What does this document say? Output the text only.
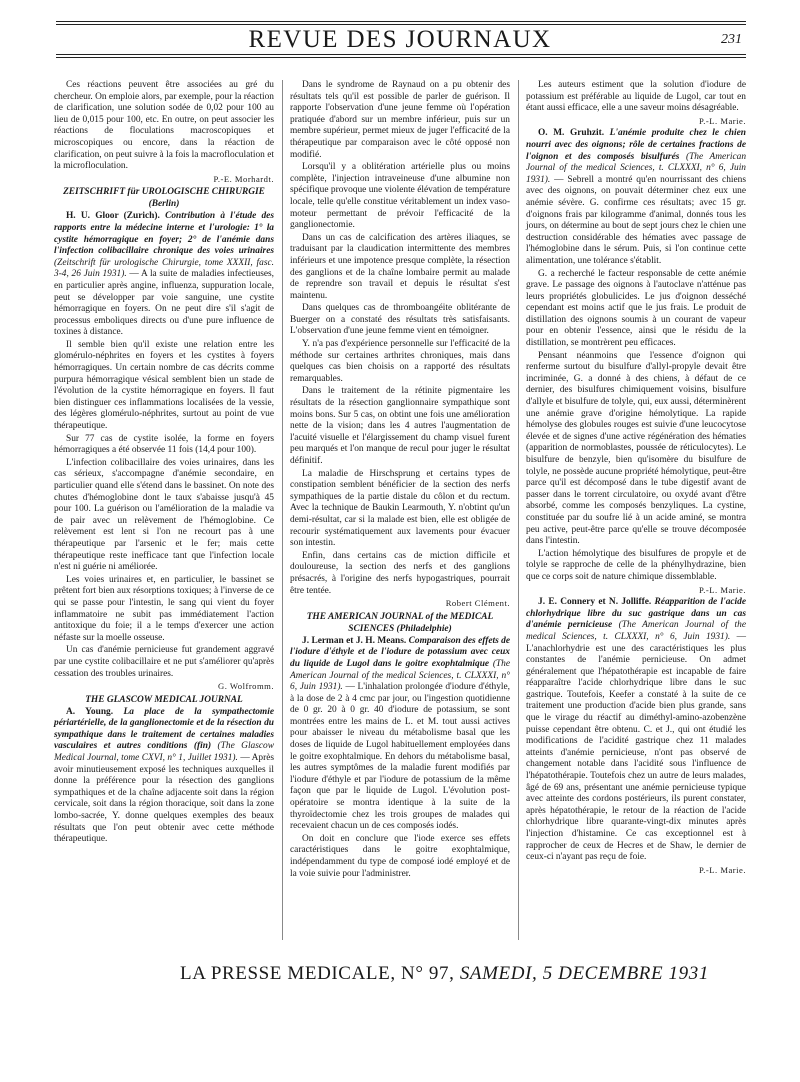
REVUE DES JOURNAUX	231

Ces réactions peuvent être associées au gré du chercheur. On emploie alors, par exemple, pour la réaction de clarification, une solution sodée de 0,02 pour 100 au lieu de 0,015 pour 100, etc. En outre, on peut associer les réactions de floculations macroscopiques et microscopiques ou encore, dans la réaction de clarification, on peut suivre à la fois la macrofloculation et la microfloculation.

P.-E. Morhardt.

ZEITSCHRIFT für UROLOGISCHE CHIRURGIE (Berlin)

H. U. Gloor (Zurich). Contribution à l'étude des rapports entre la médecine interne et l'urologie: 1° la cystite hémorragique en foyer; 2° de l'anémie dans l'infection colibacillaire chronique des voies urinaires (Zeitschrift für urologische Chirurgie, tome XXXII, fasc. 3-4, 26 Juin 1931). — A la suite de maladies infectieuses, en particulier après angine, influenza, suppuration locale, peut se développer par voie sanguine, une cystite hémorragique en foyers. On ne peut dire s'il s'agit de processus emboliques directs ou d'une pure influence de toxines à distance.

Il semble bien qu'il existe une relation entre les glomérulo-néphrites en foyers et les cystites à foyers hémorragiques. Un certain nombre de cas décrits comme purpura hémorragique vésical semblent bien un stade de l'évolution de la cystite hémorragique en foyers. Il faut bien distinguer ces inflammations localisées de la vessie, des légères glomérulo-néphrites, surtout au point de vue thérapeutique.

Sur 77 cas de cystite isolée, la forme en foyers hémorragiques a été observée 11 fois (14,4 pour 100).

L'infection colibacillaire des voies urinaires, dans les cas sérieux, s'accompagne d'anémie secondaire, en particulier quand elle s'étend dans le bassinet. On note des chutes d'hémoglobine dont le taux s'abaisse jusqu'à 45 pour 100. La guérison ou l'amélioration de la maladie va de pair avec un relèvement de l'hémoglobine. Ce relèvement est lent si l'on ne recourt pas à une thérapeutique par l'arsenic et le fer; mais cette thérapeutique reste inefficace tant que l'infection locale n'est ni guérie ni améliorée.

Les voies urinaires et, en particulier, le bassinet se prêtent fort bien aux résorptions toxiques; à l'inverse de ce qui se passe pour l'intestin, le sang qui vient du foyer inflammatoire ne subit pas immédiatement l'action antitoxique du foie; il a le temps d'exercer une action néfaste sur la moelle osseuse.

Un cas d'anémie pernicieuse fut grandement aggravé par une cystite colibacillaire et ne put s'améliorer qu'après cessation des troubles urinaires.

G. Wolfromm.

THE GLASCOW MEDICAL JOURNAL

A. Young. La place de la sympathectomie périartérielle, de la ganglionectomie et de la résection du sympathique dans le traitement de certaines maladies vasculaires et autres conditions (fin) (The Glascow Medical Journal, tome CXVI, n° 1, Juillet 1931). — Après avoir minutieusement exposé les techniques auxquelles il donne la préférence pour la résection des ganglions sympathiques et de la chaîne adjacente soit dans la région cervicale, soit dans la région thoracique, soit dans la zone lombo-sacrée, Y. donne quelques exemples des beaux résultats que l'on peut obtenir avec cette méthode thérapeutique.

Dans le syndrome de Raynaud on a pu obtenir des résultats tels qu'il est possible de parler de guérison. Il rapporte l'observation d'une jeune femme où l'opération pratiquée d'abord sur un membre inférieur, puis sur un membre supérieur, permet mieux de juger l'efficacité de la thérapeutique par comparaison avec le côté opposé non modifié.

Lorsqu'il y a oblitération artérielle plus ou moins complète, l'injection intraveineuse d'une albumine non spécifique provoque une violente élévation de température locale, telle qu'elle constitue véritablement un index vaso-moteur permettant de prévoir l'efficacité de la ganglionectomie.

Dans un cas de calcification des artères iliaques, se traduisant par la claudication intermittente des membres inférieurs et une impotence presque complète, la résection des ganglions et de la chaîne lombaire permit au malade de reprendre son travail et depuis le résultat s'est maintenu.

Dans quelques cas de thromboangéite oblitérante de Buerger on a constaté des résultats très satisfaisants. L'observation d'une jeune femme vient en témoigner.

Y. n'a pas d'expérience personnelle sur l'efficacité de la méthode sur certaines arthrites chroniques, mais dans quelques cas bien choisis on a rapporté des résultats remarquables.

Dans le traitement de la rétinite pigmentaire les résultats de la résection ganglionnaire sympathique sont moins bons. Sur 5 cas, on obtint une fois une amélioration nette de la vision; dans les 4 autres l'augmentation de l'acuité visuelle et l'élargissement du champ visuel furent peu marqués et l'on manque de recul pour juger le résultat définitif.

La maladie de Hirschsprung et certains types de constipation semblent bénéficier de la section des nerfs sympathiques de la partie distale du côlon et du rectum. Avec la technique de Baukin Learmouth, Y. n'obtint qu'un demi-résultat, car si la malade est bien, elle est obligée de recourir systématiquement aux lavements pour évacuer son intestin.

Enfin, dans certains cas de miction difficile et douloureuse, la section des nerfs et des ganglions présacrés, à l'origine des nerfs hypogastriques, pourrait être tentée.

Robert Clément.

THE AMERICAN JOURNAL of the MEDICAL SCIENCES (Philadelphie)

J. Lerman et J. H. Means. Comparaison des effets de l'iodure d'éthyle et de l'iodure de potassium avec ceux du liquide de Lugol dans le goitre exophtalmique (The American Journal of the medical Sciences, t. CLXXXI, n° 6, Juin 1931). — L'inhalation prolongée d'iodure d'éthyle, à la dose de 2 à 4 cmc par jour, ou l'ingestion quotidienne de 0 gr. 20 à 0 gr. 40 d'iodure de potassium, se sont montrées entre les mains de L. et M. tout aussi actives pour abaisser le niveau du métabolisme basal que les doses de liquide de Lugol habituellement employées dans le goitre exophtalmique. En dehors du métabolisme basal, les autres symptômes de la maladie furent modifiés par l'iodure d'éthyle et par l'iodure de potassium de la même façon que par le liquide de Lugol. L'évolution post-opératoire se montra identique à la suite de la thyroïdectomie chez les trois groupes de malades qui recevaient chacun un de ces composés iodés.

On doit en conclure que l'iode exerce ses effets caractéristiques dans le goitre exophtalmique, indépendamment du type de composé iodé employé et de la voie suivie pour l'administrer.

Les auteurs estiment que la solution d'iodure de potassium est préférable au liquide de Lugol, car tout en étant aussi efficace, elle a une saveur moins désagréable.

P.-L. Marie.

O. M. Gruhzit. L'anémie produite chez le chien nourri avec des oignons; rôle de certaines fractions de l'oignon et des composés bisulfurés (The American Journal of the medical Sciences, t. CLXXXI, n° 6, Juin 1931). — Sebrell a montré qu'en nourrissant des chiens avec des oignons, on pouvait déterminer chez eux une anémie sévère. G. confirme ces résultats; avec 15 gr. d'oignons frais par kilogramme d'animal, donnés tous les jours, on détermine au bout de sept jours chez le chien une destruction considérable des hématies avec passage de l'hémoglobine dans le sérum. Puis, si l'on continue cette alimentation, une tolérance s'établit.

G. a recherché le facteur responsable de cette anémie grave. Le passage des oignons à l'autoclave n'atténue pas leurs propriétés globulicides. Le jus d'oignon desséché cependant est moins actif que le jus frais. Le produit de distillation des oignons soumis à un courant de vapeur pour en obtenir l'essence, ainsi que le résidu de la distillation, se montrèrent peu efficaces.

Pensant néanmoins que l'essence d'oignon qui renferme surtout du bisulfure d'allyl-propyle devait être incriminée, G. a donné à des chiens, à défaut de ce dernier, des bisulfures chimiquement voisins, bisulfure d'allyle et bisulfure de tolyle, qui, eux aussi, déterminèrent une anémie grave d'origine hémolytique. La rapide hémolyse des globules rouges est suivie d'une leucocytose élevée et de signes d'une active régénération des hématies (apparition de normoblastes, poussée de réticulocytes). Le bisulfure de benzyle, bien qu'isomère du bisulfure de tolyle, ne possède aucune propriété hémolytique, peut-être parce qu'il est décomposé dans le tube digestif avant de passer dans le torrent circulatoire, ou oxydé avant d'être absorbé, comme les composés benzyliques. La cystine, constituée par du soufre lié à un acide aminé, se montra peu active, peut-être parce qu'elle se trouve décomposée dans l'intestin.

L'action hémolytique des bisulfures de propyle et de tolyle se rapproche de celle de la phénylhydrazine, bien que ce corps soit de nature chimique dissemblable.

P.-L. Marie.

J. E. Connery et N. Jolliffe. Réapparition de l'acide chlorhydrique libre du suc gastrique dans un cas d'anémie pernicieuse (The American Journal of the medical Sciences, t. CLXXXI, n° 6, Juin 1931). — L'anachlorhydrie est une des caractéristiques les plus constantes de l'anémie pernicieuse. On admet généralement que l'hépatothérapie est incapable de faire réapparaître l'acide chlorhydrique libre dans le suc gastrique. Toutefois, Keefer a constaté à la suite de ce traitement une production d'acide bien plus grande, sans que le virage du réactif au diméthyl-amino-azobenzène puisse cependant être obtenu. C. et J., qui ont étudié les modifications de l'acidité gastrique chez 11 malades atteints d'anémie pernicieuse, n'ont pas observé de changement notable dans l'acidité sous l'influence de l'hépatothérapie. Toutefois chez un autre de leurs malades, âgé de 69 ans, présentant une anémie pernicieuse typique avec atteinte des cordons postérieurs, ils purent constater, après hépatothérapie, le retour de la réaction de l'acide chlorhydrique libre quarante-vingt-dix minutes après l'injection d'histamine. Ce cas exceptionnel est à rapprocher de ceux de Hecres et de Shaw, le dernier de ceux-ci n'ayant pas reçu de foie.

P.-L. Marie.

LA PRESSE MEDICALE, N° 97, SAMEDI, 5 DECEMBRE 1931
